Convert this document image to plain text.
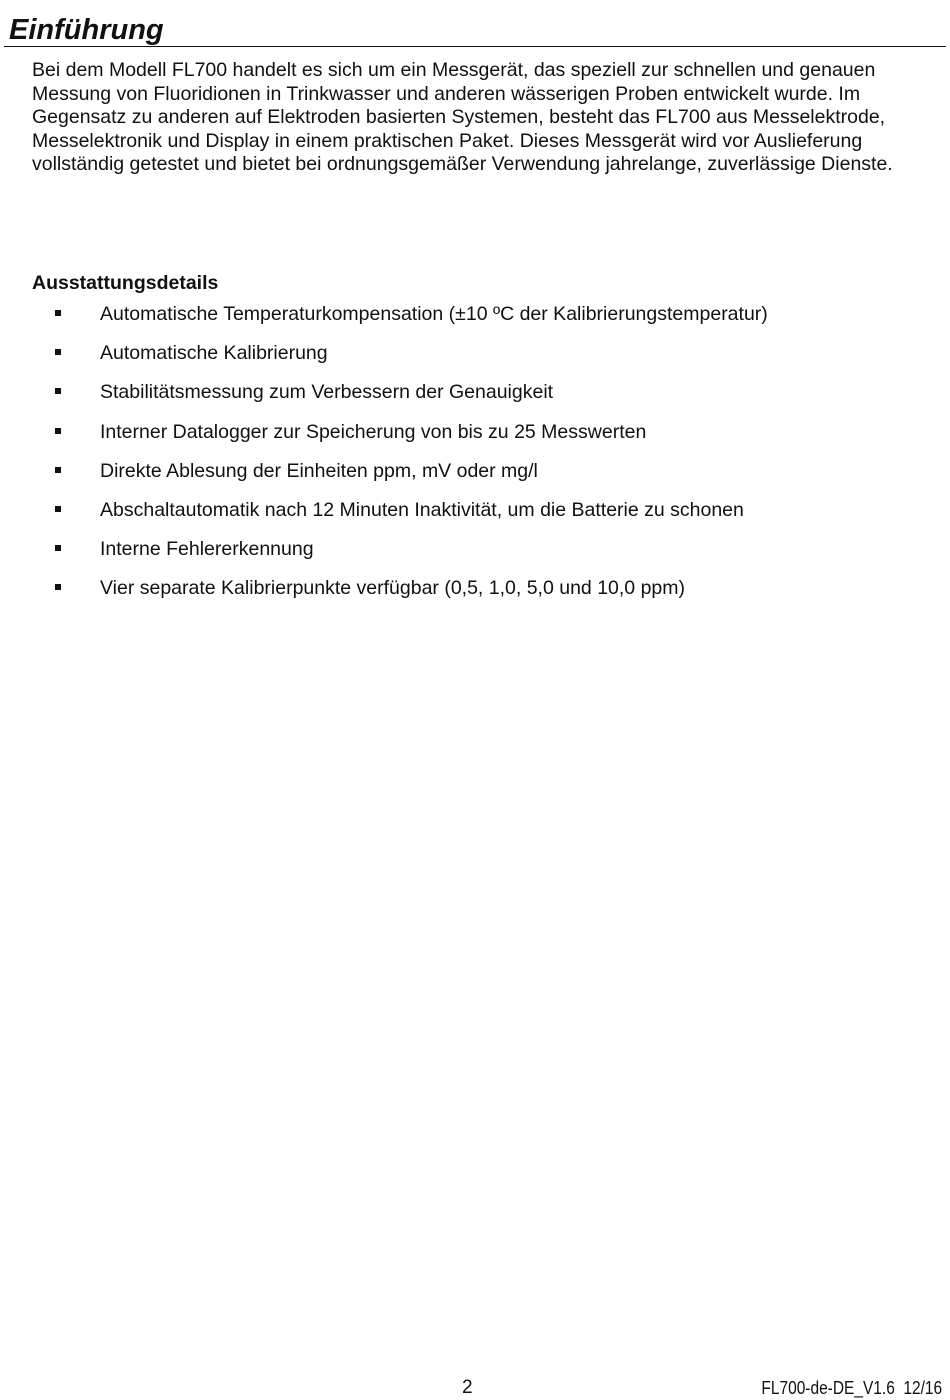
Einführung

Bei dem Modell FL700 handelt es sich um ein Messgerät, das speziell zur schnellen und genauen Messung von Fluoridionen in Trinkwasser und anderen wässerigen Proben entwickelt wurde. Im Gegensatz zu anderen auf Elektroden basierten Systemen, besteht das FL700 aus Messelektrode, Messelektronik und Display in einem praktischen Paket. Dieses Messgerät wird vor Auslieferung vollständig getestet und bietet bei ordnungsgemäßer Verwendung jahrelange, zuverlässige Dienste.

Ausstattungsdetails
Automatische Temperaturkompensation (±10 ºC der Kalibrierungstemperatur)
Automatische Kalibrierung
Stabilitätsmessung zum Verbessern der Genauigkeit
Interner Datalogger zur Speicherung von bis zu 25 Messwerten
Direkte Ablesung der Einheiten ppm, mV oder mg/l
Abschaltautomatik nach 12 Minuten Inaktivität, um die Batterie zu schonen
Interne Fehlererkennung
Vier separate Kalibrierpunkte verfügbar (0,5, 1,0, 5,0 und 10,0 ppm)
2	FL700-de-DE_V1.6 12/16
